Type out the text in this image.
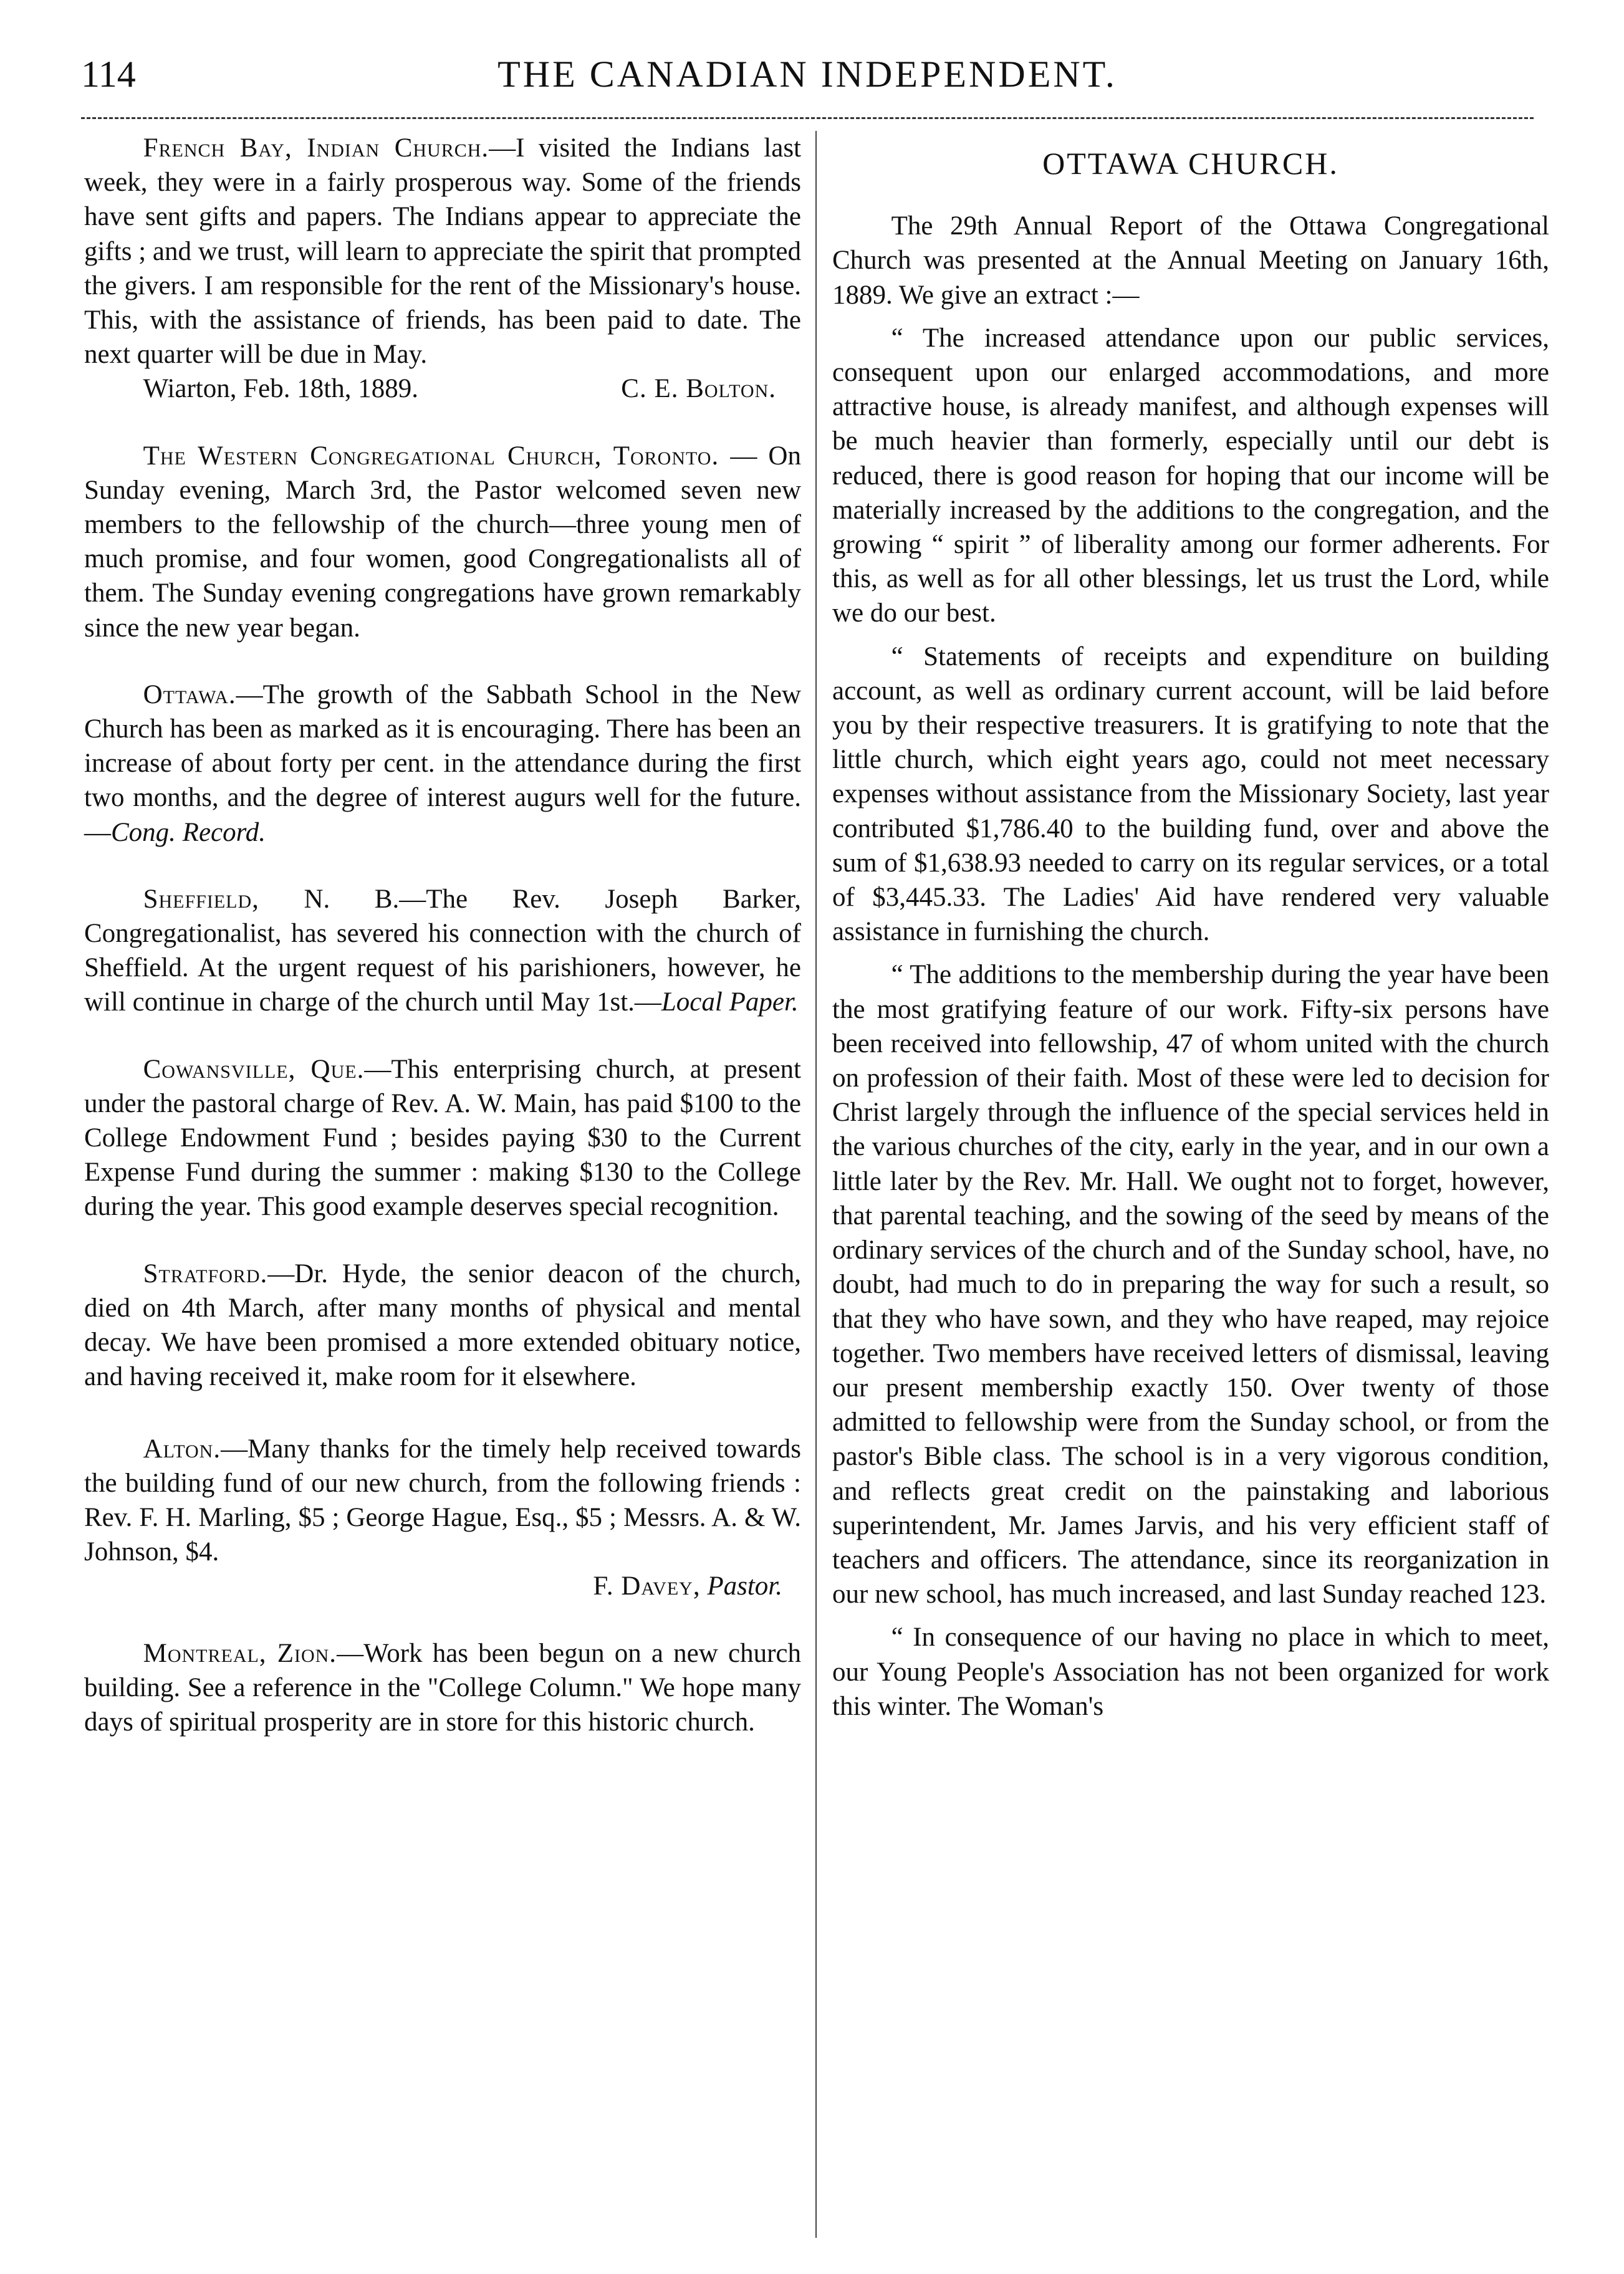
114	THE CANADIAN INDEPENDENT.

French Bay, Indian Church.—I visited the Indians last week, they were in a fairly prosperous way. Some of the friends have sent gifts and papers. The Indians appear to appreciate the gifts ; and we trust, will learn to appreciate the spirit that prompted the givers. I am responsible for the rent of the Missionary's house. This, with the assistance of friends, has been paid to date. The next quarter will be due in May.

Wiarton, Feb. 18th, 1889.	C. E. Bolton.

The Western Congregational Church, Toronto. — On Sunday evening, March 3rd, the Pastor welcomed seven new members to the fellowship of the church—three young men of much promise, and four women, good Congregationalists all of them. The Sunday evening congregations have grown remarkably since the new year began.

Ottawa.—The growth of the Sabbath School in the New Church has been as marked as it is encouraging. There has been an increase of about forty per cent. in the attendance during the first two months, and the degree of interest augurs well for the future.—Cong. Record.

Sheffield, N. B.—The Rev. Joseph Barker, Congregationalist, has severed his connection with the church of Sheffield. At the urgent request of his parishioners, however, he will continue in charge of the church until May 1st.—Local Paper.

Cowansville, Que.—This enterprising church, at present under the pastoral charge of Rev. A. W. Main, has paid $100 to the College Endowment Fund ; besides paying $30 to the Current Expense Fund during the summer : making $130 to the College during the year. This good example deserves special recognition.

Stratford.—Dr. Hyde, the senior deacon of the church, died on 4th March, after many months of physical and mental decay. We have been promised a more extended obituary notice, and having received it, make room for it elsewhere.

Alton.—Many thanks for the timely help received towards the building fund of our new church, from the following friends : Rev. F. H. Marling, $5 ; George Hague, Esq., $5 ; Messrs. A. & W. Johnson, $4.

F. Davey, Pastor.

Montreal, Zion.—Work has been begun on a new church building. See a reference in the "College Column." We hope many days of spiritual prosperity are in store for this historic church.

OTTAWA CHURCH.

The 29th Annual Report of the Ottawa Congregational Church was presented at the Annual Meeting on January 16th, 1889. We give an extract :—

“ The increased attendance upon our public services, consequent upon our enlarged accommodations, and more attractive house, is already manifest, and although expenses will be much heavier than formerly, especially until our debt is reduced, there is good reason for hoping that our income will be materially increased by the additions to the congregation, and the growing “ spirit ” of liberality among our former adherents. For this, as well as for all other blessings, let us trust the Lord, while we do our best.

“ Statements of receipts and expenditure on building account, as well as ordinary current account, will be laid before you by their respective treasurers. It is gratifying to note that the little church, which eight years ago, could not meet necessary expenses without assistance from the Missionary Society, last year contributed $1,786.40 to the building fund, over and above the sum of $1,638.93 needed to carry on its regular services, or a total of $3,445.33. The Ladies' Aid have rendered very valuable assistance in furnishing the church.

“ The additions to the membership during the year have been the most gratifying feature of our work. Fifty-six persons have been received into fellowship, 47 of whom united with the church on profession of their faith. Most of these were led to decision for Christ largely through the influence of the special services held in the various churches of the city, early in the year, and in our own a little later by the Rev. Mr. Hall. We ought not to forget, however, that parental teaching, and the sowing of the seed by means of the ordinary services of the church and of the Sunday school, have, no doubt, had much to do in preparing the way for such a result, so that they who have sown, and they who have reaped, may rejoice together. Two members have received letters of dismissal, leaving our present membership exactly 150. Over twenty of those admitted to fellowship were from the Sunday school, or from the pastor's Bible class. The school is in a very vigorous condition, and reflects great credit on the painstaking and laborious superintendent, Mr. James Jarvis, and his very efficient staff of teachers and officers. The attendance, since its reorganization in our new school, has much increased, and last Sunday reached 123.

“ In consequence of our having no place in which to meet, our Young People's Association has not been organized for work this winter. The Woman's
